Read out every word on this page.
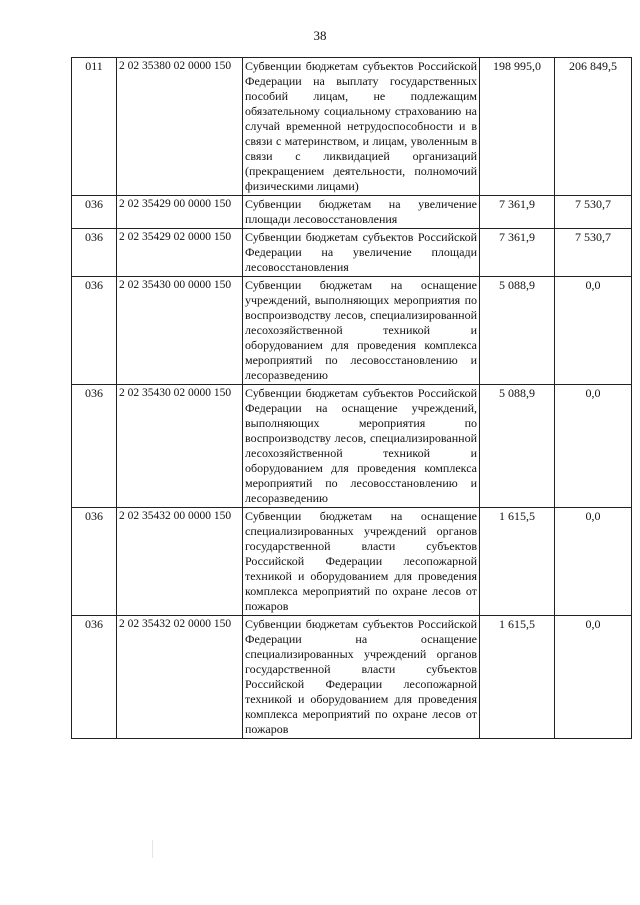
38
011	2 02 35380 02 0000 150	Субвенции бюджетам субъектов Российской Федерации на выплату государственных пособий лицам, не подлежащим обязательному социальному страхованию на случай временной нетрудоспособности и в связи с материнством, и лицам, уволенным в связи с ликвидацией организаций (прекращением деятельности, полномочий физическими лицами)	198 995,0	206 849,5
036	2 02 35429 00 0000 150	Субвенции бюджетам на увеличение площади лесовосстановления	7 361,9	7 530,7
036	2 02 35429 02 0000 150	Субвенции бюджетам субъектов Российской Федерации на увеличение площади лесовосстановления	7 361,9	7 530,7
036	2 02 35430 00 0000 150	Субвенции бюджетам на оснащение учреждений, выполняющих мероприятия по воспроизводству лесов, специализированной лесохозяйственной техникой и оборудованием для проведения комплекса мероприятий по лесовосстановлению и лесоразведению	5 088,9	0,0
036	2 02 35430 02 0000 150	Субвенции бюджетам субъектов Российской Федерации на оснащение учреждений, выполняющих мероприятия по воспроизводству лесов, специализированной лесохозяйственной техникой и оборудованием для проведения комплекса мероприятий по лесовосстановлению и лесоразведению	5 088,9	0,0
036	2 02 35432 00 0000 150	Субвенции бюджетам на оснащение специализированных учреждений органов государственной власти субъектов Российской Федерации лесопожарной техникой и оборудованием для проведения комплекса мероприятий по охране лесов от пожаров	1 615,5	0,0
036	2 02 35432 02 0000 150	Субвенции бюджетам субъектов Российской Федерации на оснащение специализированных учреждений органов государственной власти субъектов Российской Федерации лесопожарной техникой и оборудованием для проведения комплекса мероприятий по охране лесов от пожаров	1 615,5	0,0
